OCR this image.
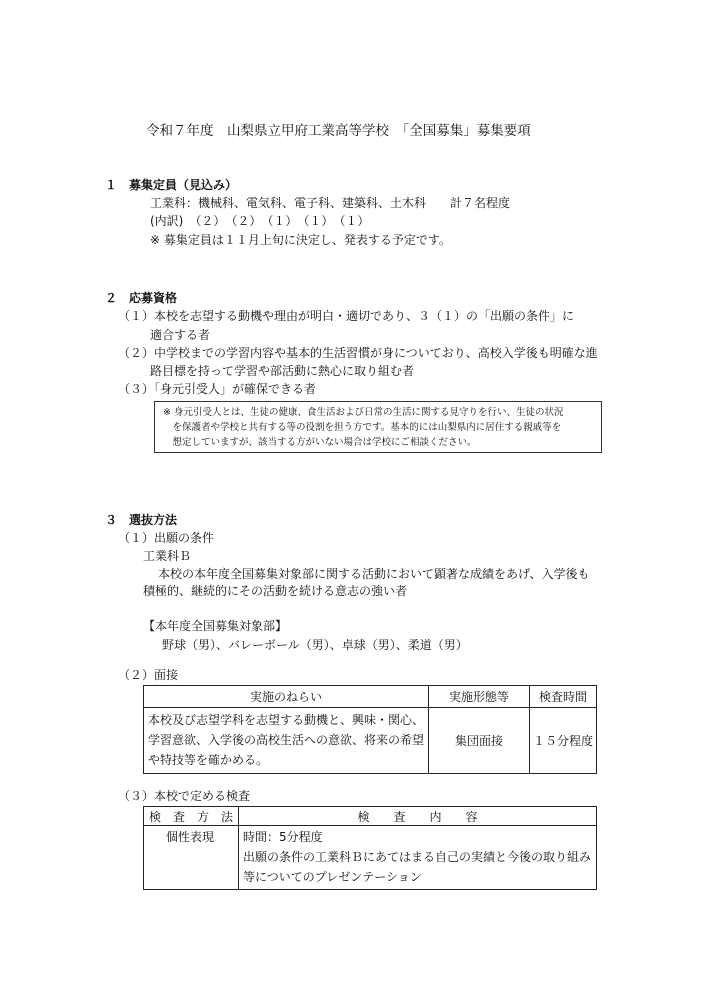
令和７年度　山梨県立甲府工業高等学校　「全国募集」募集要項
１　募集定員（見込み）
工業科：機械科、電気科、電子科、建築科、土木科　　計７名程度
(内訳)　（２）　（２）　（１）　（１）　（１）
※ 募集定員は１１月上旬に決定し、発表する予定です。
２　応募資格
（１）本校を志望する動機や理由が明白・適切であり、３（１）の「出願の条件」に
適合する者
（２）中学校までの学習内容や基本的生活習慣が身についており、高校入学後も明確な進
路目標を持って学習や部活動に熱心に取り組む者
（３）「身元引受人」が確保できる者
※ 身元引受人とは、生徒の健康、食生活および日常の生活に関する見守りを行い、生徒の状況
　を保護者や学校と共有する等の役割を担う方です。基本的には山梨県内に居住する親戚等を
　想定していますが、該当する方がいない場合は学校にご相談ください。
３　選抜方法
（１）出願の条件
工業科Ｂ
本校の本年度全国募集対象部に関する活動において顕著な成績をあげ、入学後も
積極的、継続的にその活動を続ける意志の強い者
【本年度全国募集対象部】
野球（男）、バレーボール（男）、卓球（男）、柔道（男）
（２）面接
実施のねらい	実施形態等	検査時間
本校及び志望学科を志望する動機と、興味・関心、学習意欲、入学後の高校生活への意欲、将来の希望や特技等を確かめる。	集団面接	１５分程度
（３）本校で定める検査
検　査　方　法	検　　査　　内　　容
個性表現	時間：5分程度
出願の条件の工業科Ｂにあてはまる自己の実績と今後の取り組み
等についてのプレゼンテーション
